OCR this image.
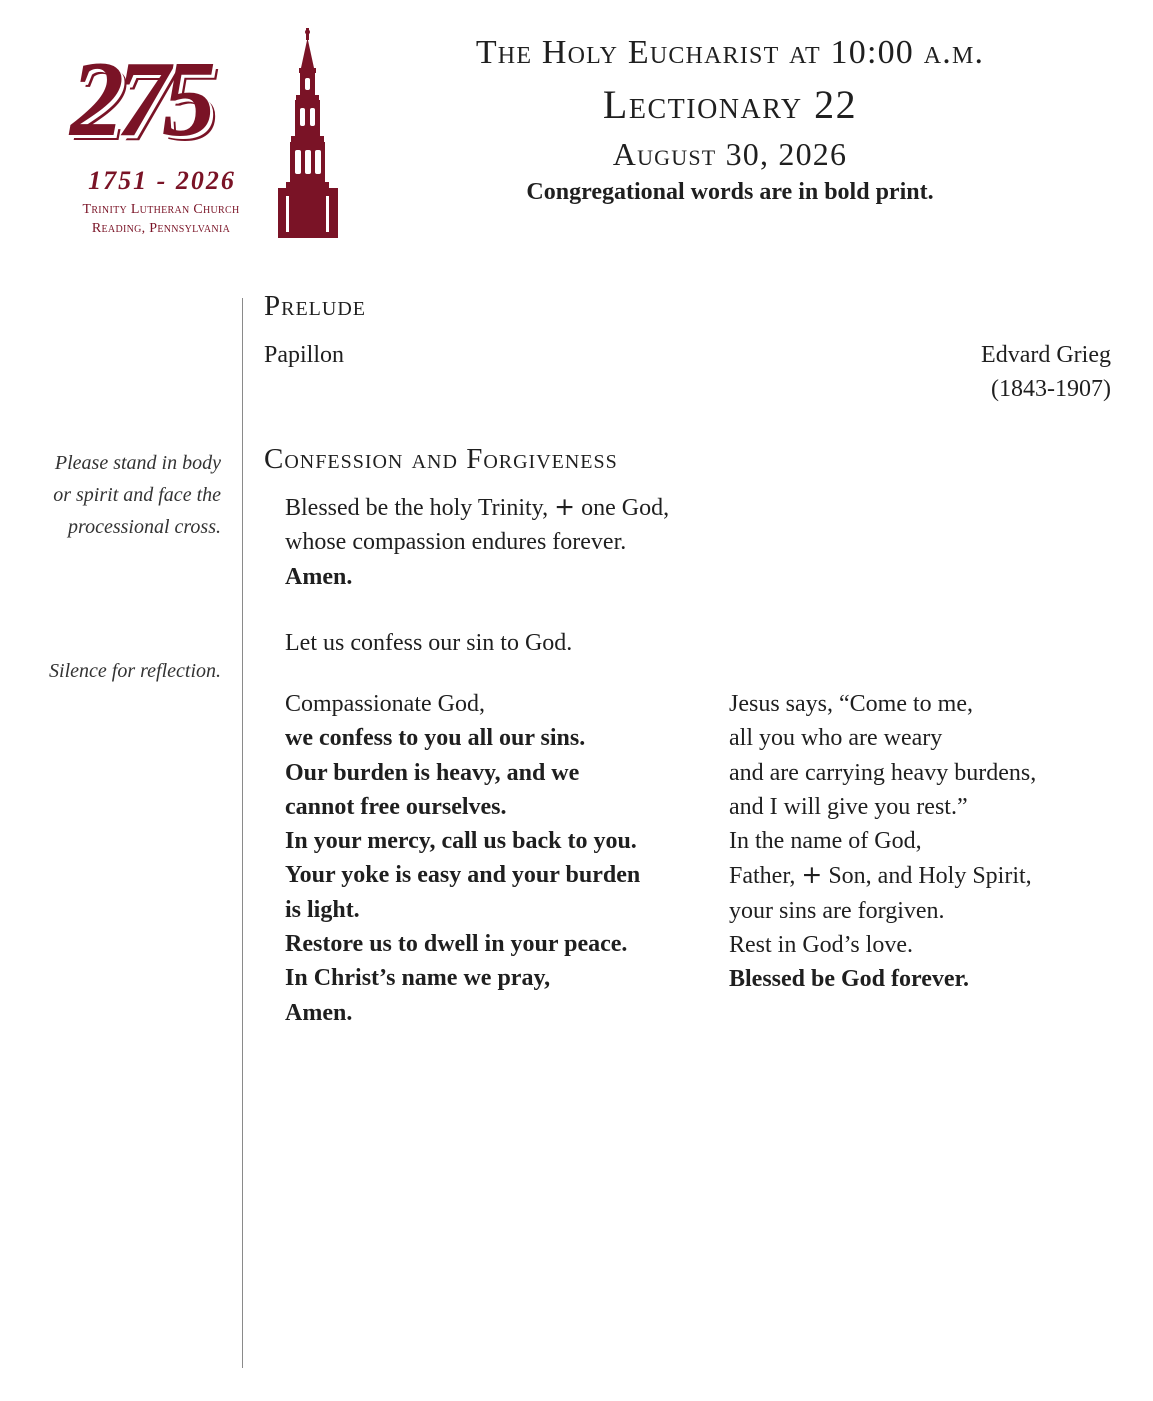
275
1751 - 2026
Trinity Lutheran Church
Reading, Pennsylvania
The Holy Eucharist at 10:00 a.m.
Lectionary 22
August 30, 2026
Congregational words are in bold print.
Prelude
Papillon	Edvard Grieg
(1843-1907)
Confession and Forgiveness
Please stand in body
or spirit and face the
processional cross.
Silence for reflection.
Blessed be the holy Trinity, + one God,
whose compassion endures forever.
Amen.
Let us confess our sin to God.
Compassionate God,
we confess to you all our sins.
Our burden is heavy, and we
cannot free ourselves.
In your mercy, call us back to you.
Your yoke is easy and your burden
is light.
Restore us to dwell in your peace.
In Christ’s name we pray,
Amen.
Jesus says, “Come to me,
all you who are weary
and are carrying heavy burdens,
and I will give you rest.”
In the name of God,
Father, + Son, and Holy Spirit,
your sins are forgiven.
Rest in God’s love.
Blessed be God forever.
